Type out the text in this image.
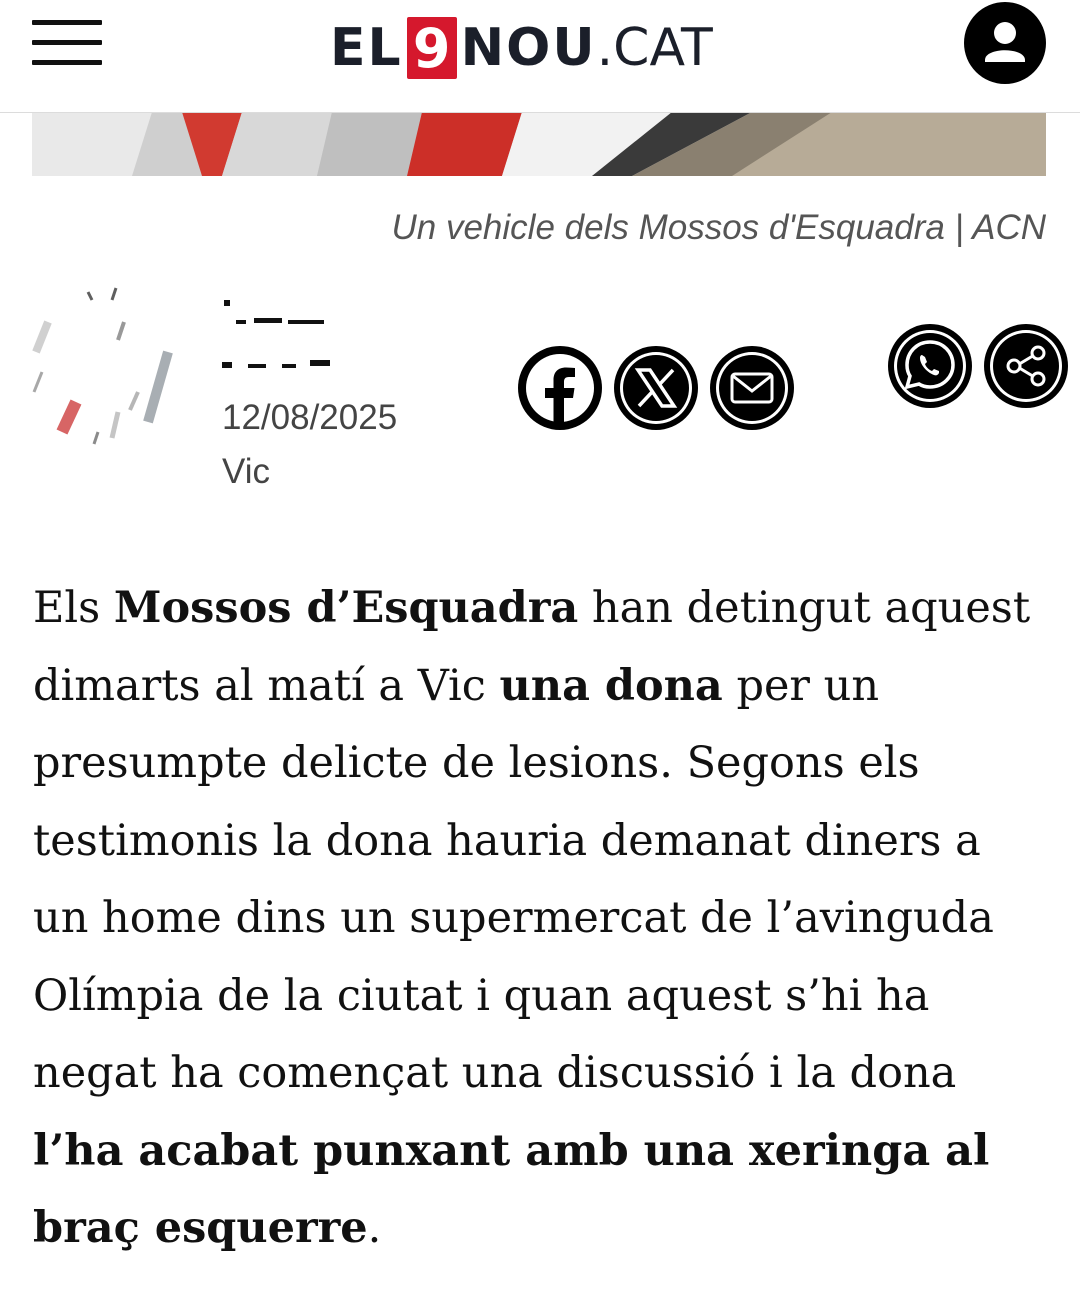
EL 9 NOU .CAT
Un vehicle dels Mossos d'Esquadra | ACN
12/08/2025
Vic

Els Mossos d’Esquadra han detingut aquest dimarts al matí a Vic una dona per un presumpte delicte de lesions. Segons els testimonis la dona hauria demanat diners a un home dins un supermercat de l’avinguda Olímpia de la ciutat i quan aquest s’hi ha negat ha començat una discussió i la dona l’ha acabat punxant amb una xeringa al braç esquerre.
